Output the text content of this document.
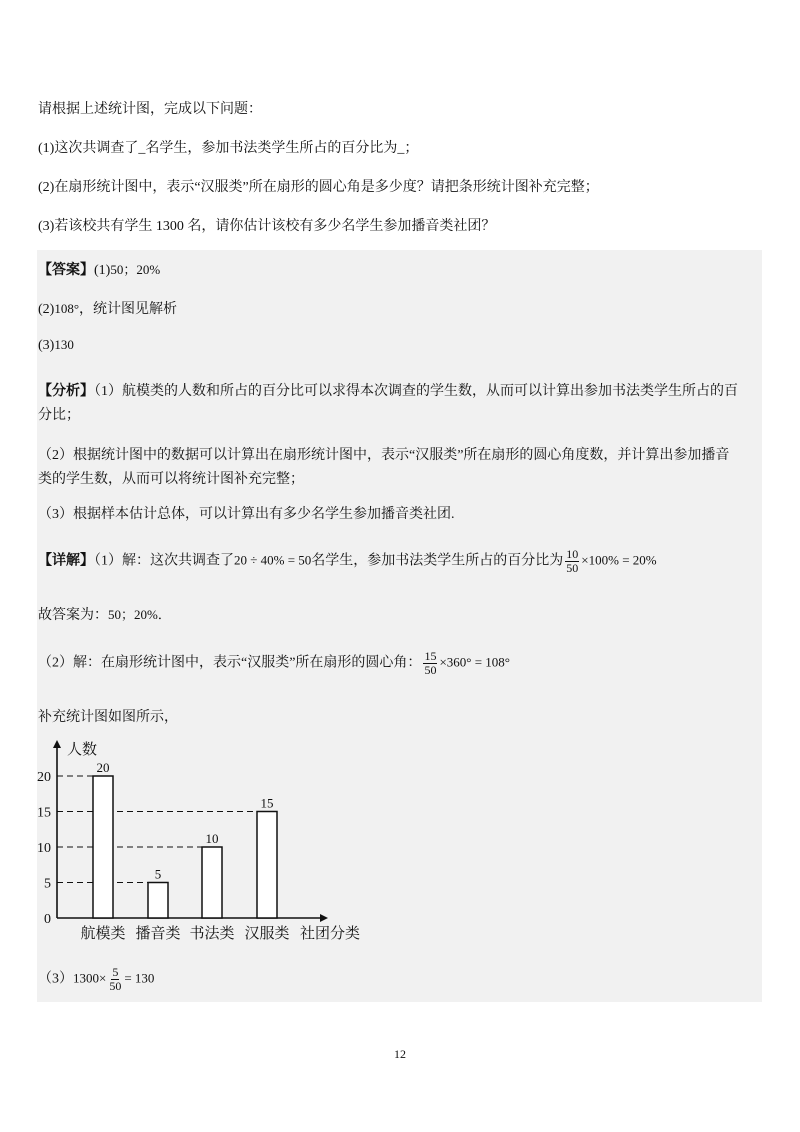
请根据上述统计图，完成以下问题：
(1)这次共调查了_名学生，参加书法类学生所占的百分比为_；
(2)在扇形统计图中，表示“汉服类”所在扇形的圆心角是多少度？请把条形统计图补充完整；
(3)若该校共有学生 1300 名，请你估计该校有多少名学生参加播音类社团？
【答案】(1)50；20%
(2)108°，统计图见解析
(3)130
【分析】（1）航模类的人数和所占的百分比可以求得本次调查的学生数，从而可以计算出参加书法类学生所占的百
分比；
（2）根据统计图中的数据可以计算出在扇形统计图中，表示“汉服类”所在扇形的圆心角度数，并计算出参加播音
类的学生数，从而可以将统计图补充完整；
（3）根据样本估计总体，可以计算出有多少名学生参加播音类社团.
【详解】（1）解：这次共调查了20 ÷ 40% = 50名学生，参加书法类学生所占的百分比为 $\frac{10}{50} \times 100\% = 20\%$
故答案为：50；20%．
（2）解：在扇形统计图中，表示“汉服类”所在扇形的圆心角： $\frac{15}{50} \times 360^\circ = 108^\circ$
补充统计图如图所示，
20
航模类
5
播音类
10
书法类
15
汉服类
0
5
10
15
20
人数
社团分类
$(3)1300\times \frac{5}{50} = 130$
12
